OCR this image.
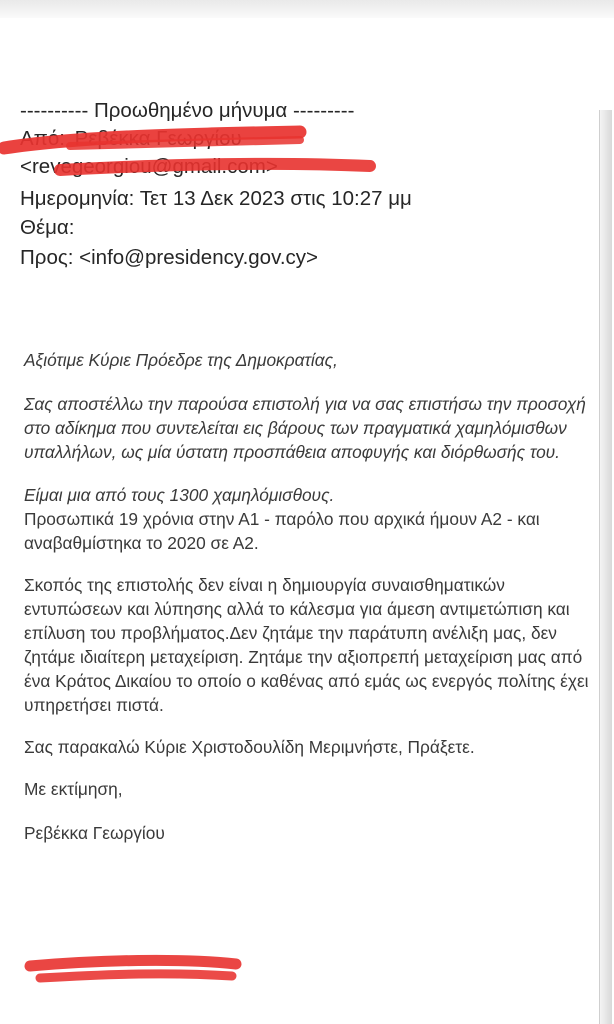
---------- Προωθημένο μήνυμα ---------
Από: Ρεβέκκα Γεωργίου
<revegeorgiou@gmail.com>
Ημερομηνία: Τετ 13 Δεκ 2023 στις 10:27 μμ
Θέμα:
Προς: <info@presidency.gov.cy>

Αξιότιμε Κύριε Πρόεδρε της Δημοκρατίας,

Σας αποστέλλω την παρούσα επιστολή για να σας επιστήσω την προσοχή στο αδίκημα που συντελείται εις βάρους των πραγματικά χαμηλόμισθων υπαλλήλων, ως μία ύστατη προσπάθεια αποφυγής και διόρθωσής του.

Είμαι μια από τους 1300 χαμηλόμισθους.

Προσωπικά 19 χρόνια στην Α1 - παρόλο που αρχικά ήμουν Α2 - και αναβαθμίστηκα το 2020 σε Α2.

Σκοπός της επιστολής δεν είναι η δημιουργία συναισθηματικών εντυπώσεων και λύπησης αλλά το κάλεσμα για άμεση αντιμετώπιση και επίλυση του προβλήματος.Δεν ζητάμε την παράτυπη ανέλιξη μας, δεν ζητάμε ιδιαίτερη μεταχείριση. Ζητάμε την αξιοπρεπή μεταχείριση μας από ένα Κράτος Δικαίου το οποίο ο καθένας από εμάς ως ενεργός πολίτης έχει υπηρετήσει πιστά.

Σας παρακαλώ Κύριε Χριστοδουλίδη Μεριμνήστε, Πράξετε.

Με εκτίμηση,

Ρεβέκκα Γεωργίου
